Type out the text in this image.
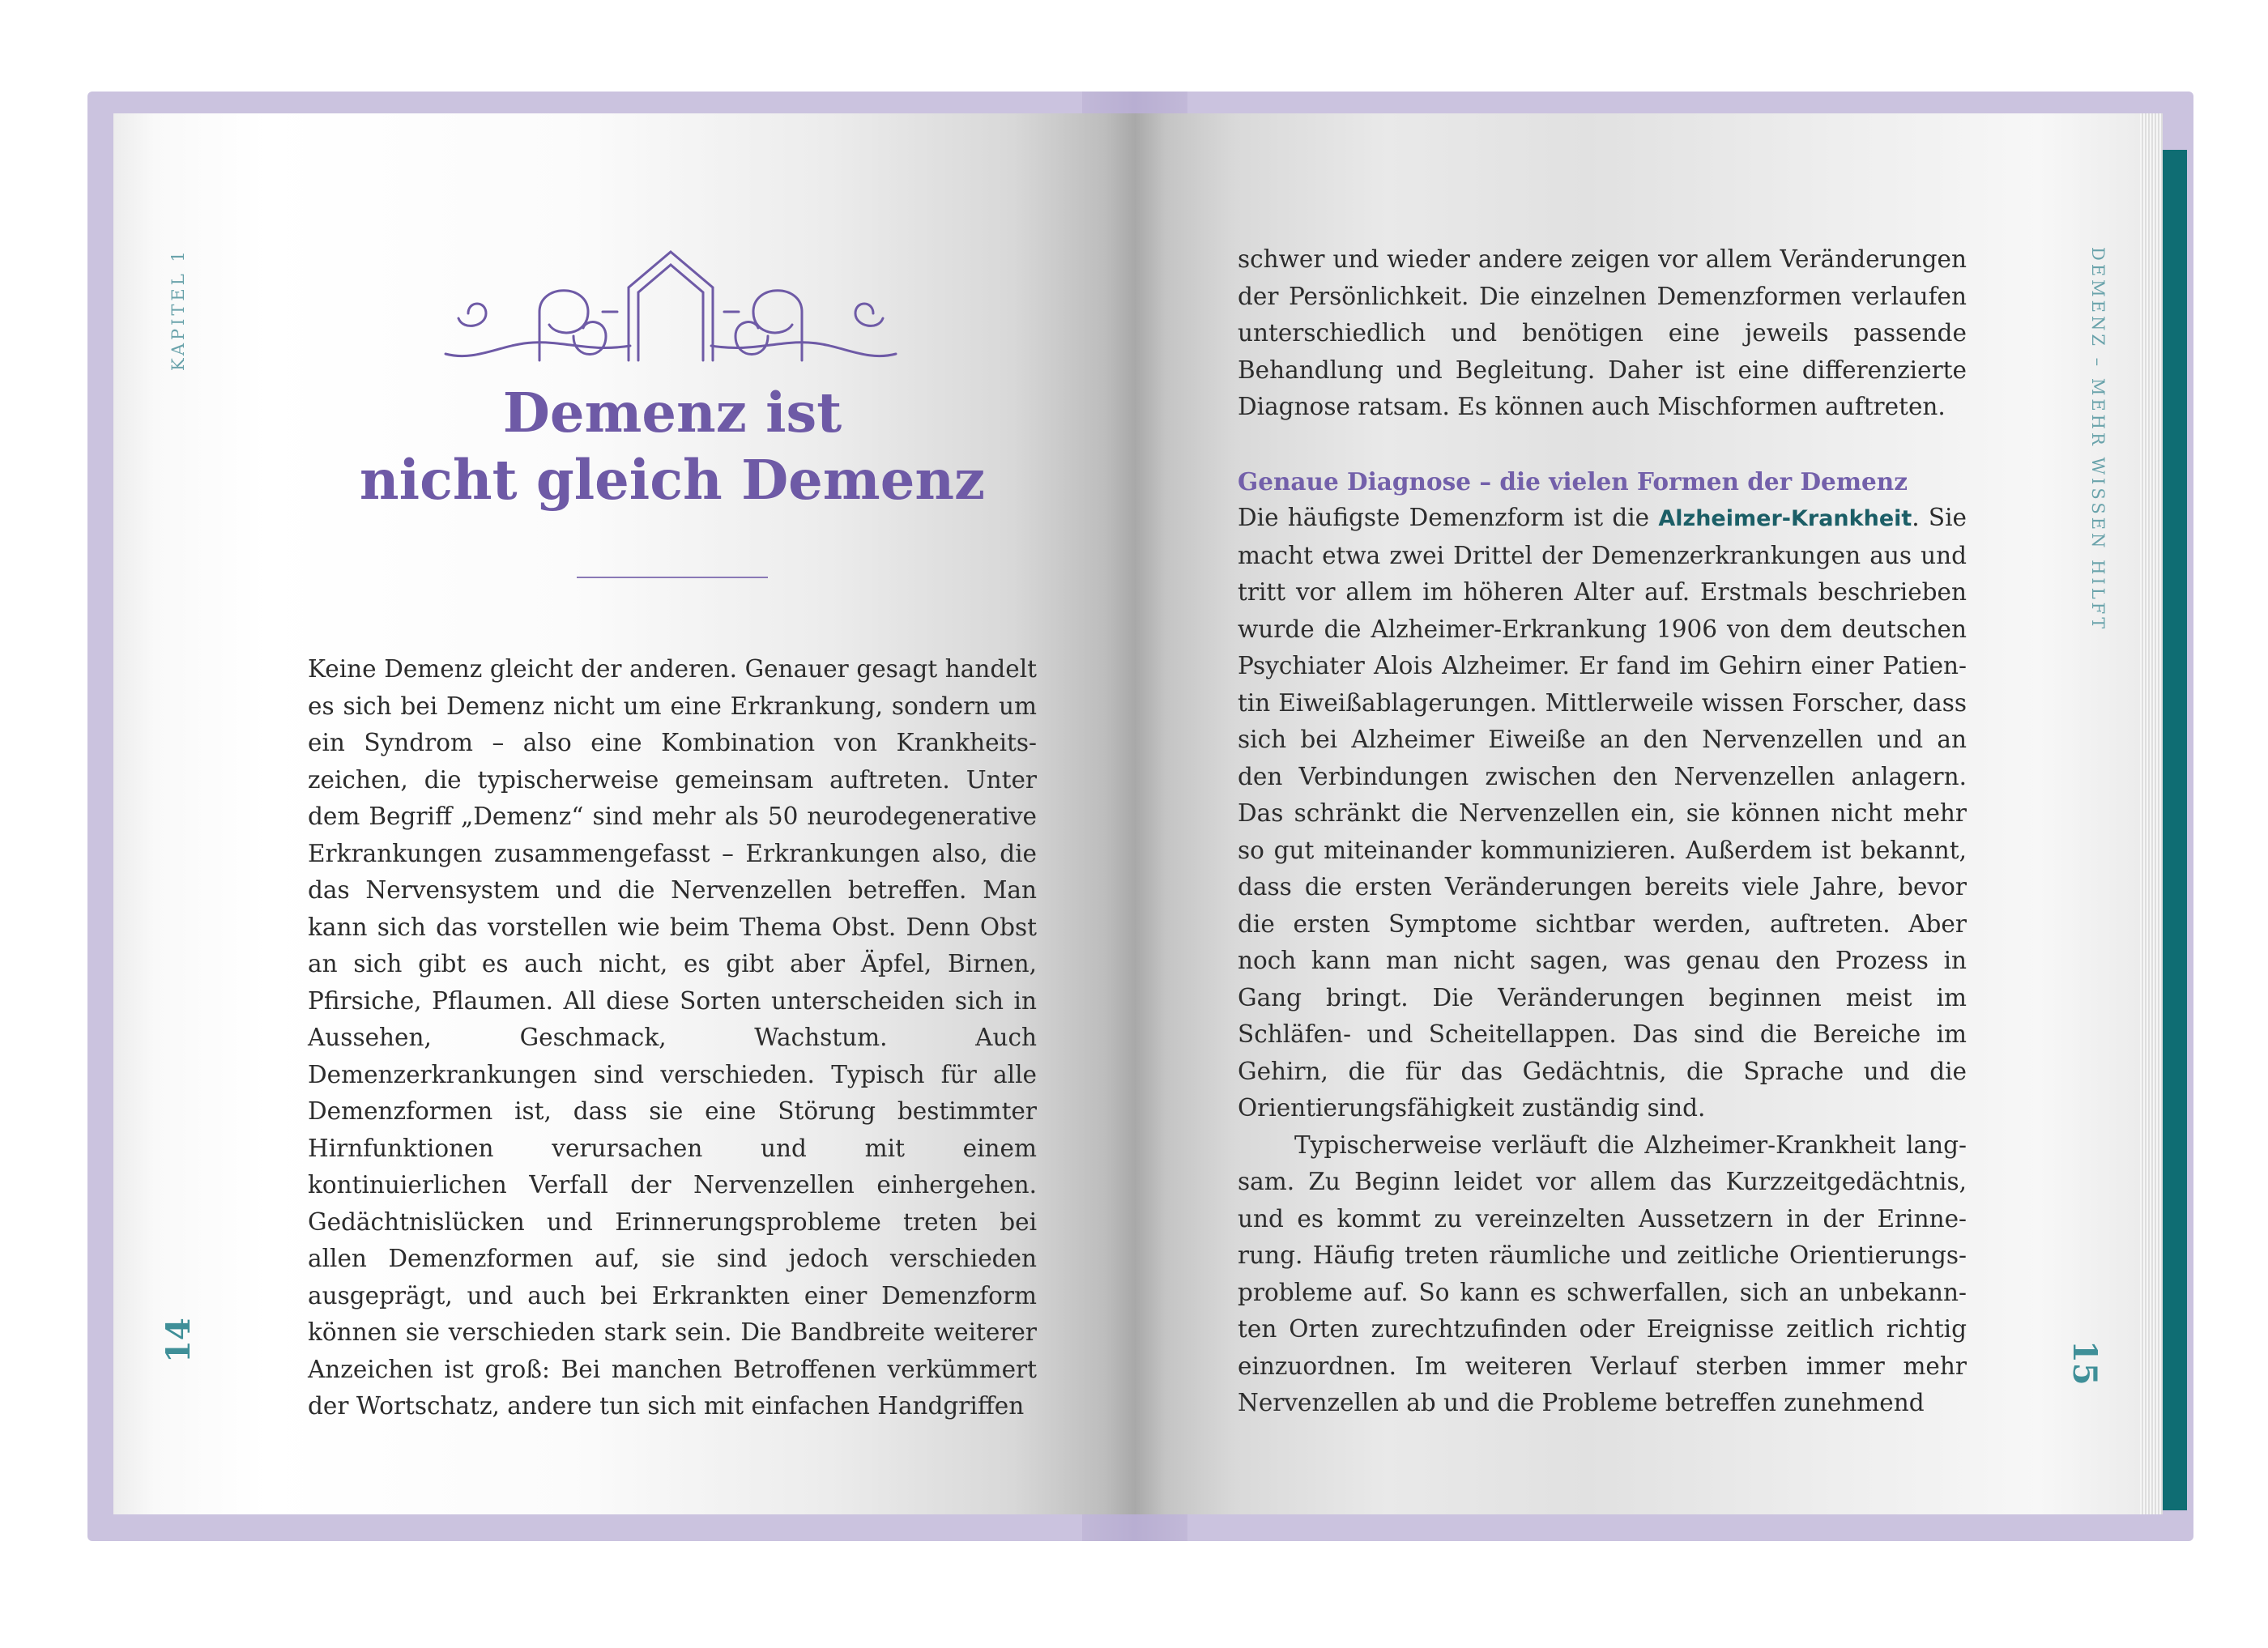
KAPITEL 1	DEMENZ – MEHR WISSEN HILFT
14	15
Demenz ist
nicht gleich Demenz

Keine Demenz gleicht der anderen. Genauer gesagt handelt es sich bei Demenz nicht um eine Erkrankung, sondern um ein Syndrom – also eine Kombination von Krankheitszeichen, die typischerweise gemeinsam auftreten. Unter dem Begriff „Demenz“ sind mehr als 50 neurodegenerative Erkrankungen zusammengefasst – Erkrankungen also, die das Nervensystem und die Nervenzellen betreffen. Man kann sich das vorstellen wie beim Thema Obst. Denn Obst an sich gibt es auch nicht, es gibt aber Äpfel, Birnen, Pfirsiche, Pflaumen. All diese Sorten unterscheiden sich in Aussehen, Geschmack, Wachstum. Auch Demenzerkrankungen sind verschieden. Typisch für alle Demenzformen ist, dass sie eine Störung bestimmter Hirnfunktionen verursachen und mit einem kontinuierlichen Verfall der Nervenzellen einhergehen. Gedächtnislücken und Erinnerungsprobleme treten bei allen Demenzformen auf, sie sind jedoch verschieden ausgeprägt, und auch bei Erkrankten einer Demenzform können sie verschieden stark sein. Die Bandbreite weiterer Anzeichen ist groß: Bei manchen Betroffenen verkümmert der Wortschatz, andere tun sich mit einfachen Handgriffen

schwer und wieder andere zeigen vor allem Veränderungen der Persönlichkeit. Die einzelnen Demenzformen verlaufen unterschiedlich und benötigen eine jeweils passende Behandlung und Begleitung. Daher ist eine differenzierte Diagnose ratsam. Es können auch Mischformen auftreten.

Genaue Diagnose – die vielen Formen der Demenz

Die häufigste Demenzform ist die Alzheimer-Krankheit. Sie macht etwa zwei Drittel der Demenzerkrankungen aus und tritt vor allem im höheren Alter auf. Erstmals beschrieben wurde die Alzheimer-Erkrankung 1906 von dem deutschen Psychiater Alois Alzheimer. Er fand im Gehirn einer Patientin Eiweißablagerungen. Mittlerweile wissen Forscher, dass sich bei Alzheimer Eiweiße an den Nervenzellen und an den Verbindungen zwischen den Nervenzellen anlagern. Das schränkt die Nervenzellen ein, sie können nicht mehr so gut miteinander kommunizieren. Außerdem ist bekannt, dass die ersten Veränderungen bereits viele Jahre, bevor die ersten Symptome sichtbar werden, auftreten. Aber noch kann man nicht sagen, was genau den Prozess in Gang bringt. Die Veränderungen beginnen meist im Schläfen- und Scheitellappen. Das sind die Bereiche im Gehirn, die für das Gedächtnis, die Sprache und die Orientierungsfähigkeit zuständig sind.

Typischerweise verläuft die Alzheimer-Krankheit langsam. Zu Beginn leidet vor allem das Kurzzeitgedächtnis, und es kommt zu vereinzelten Aussetzern in der Erinnerung. Häufig treten räumliche und zeitliche Orientierungsprobleme auf. So kann es schwerfallen, sich an unbekannten Orten zurechtzufinden oder Ereignisse zeitlich richtig einzuordnen. Im weiteren Verlauf sterben immer mehr Nervenzellen ab und die Probleme betreffen zunehmend
